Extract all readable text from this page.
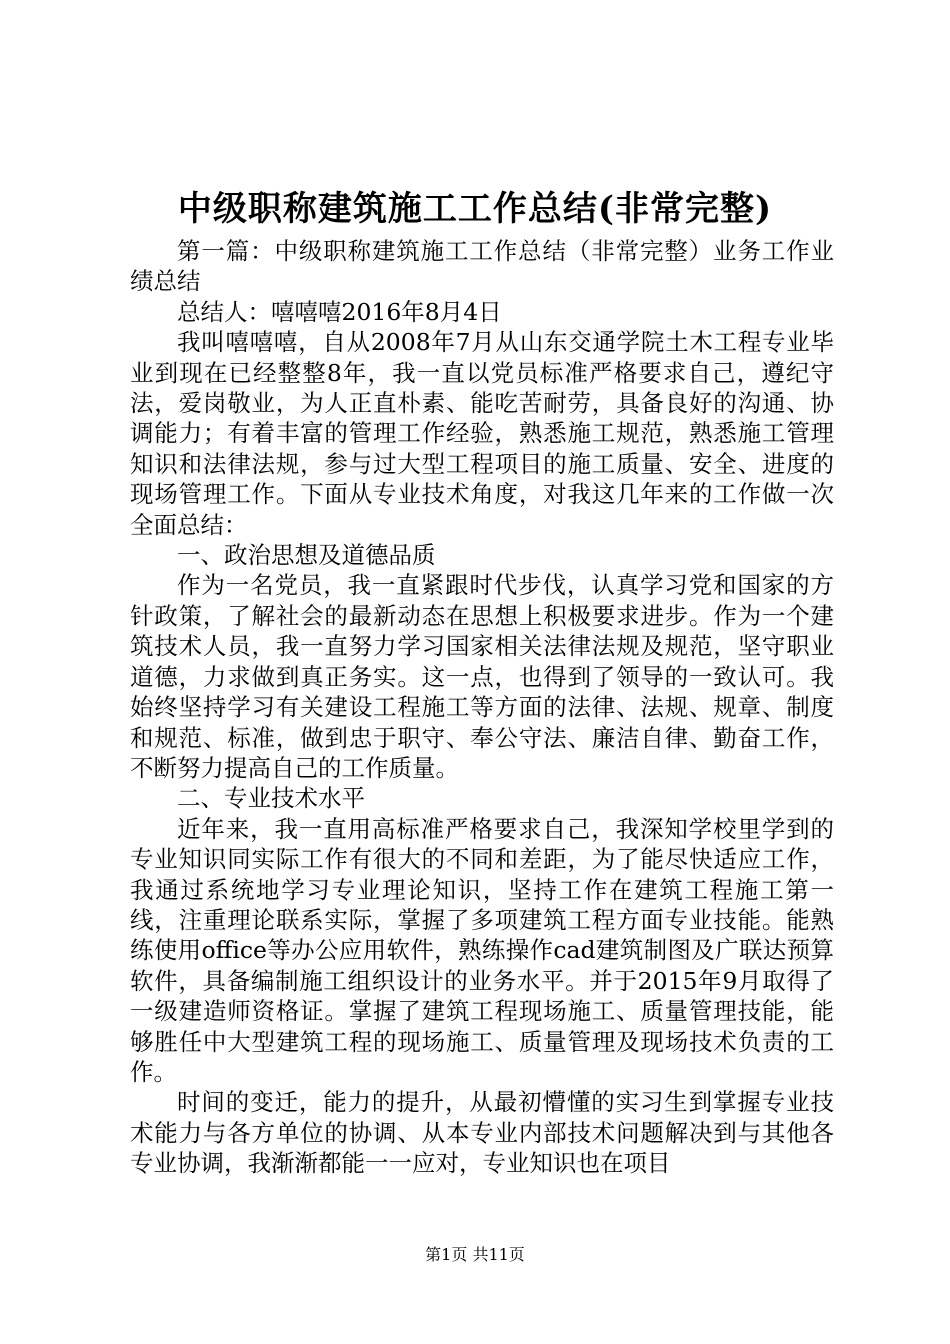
中级职称建筑施工工作总结(非常完整)

第一篇：中级职称建筑施工工作总结（非常完整）业务工作业绩总结

总结人：嘻嘻嘻2016年8月4日

我叫嘻嘻嘻，自从2008年7月从山东交通学院土木工程专业毕业到现在已经整整8年，我一直以党员标准严格要求自己，遵纪守法，爱岗敬业，为人正直朴素、能吃苦耐劳，具备良好的沟通、协调能力；有着丰富的管理工作经验，熟悉施工规范，熟悉施工管理知识和法律法规，参与过大型工程项目的施工质量、安全、进度的现场管理工作。下面从专业技术角度，对我这几年来的工作做一次全面总结：

一、政治思想及道德品质

作为一名党员，我一直紧跟时代步伐，认真学习党和国家的方针政策，了解社会的最新动态在思想上积极要求进步。作为一个建筑技术人员，我一直努力学习国家相关法律法规及规范，坚守职业道德，力求做到真正务实。这一点，也得到了领导的一致认可。我始终坚持学习有关建设工程施工等方面的法律、法规、规章、制度和规范、标准，做到忠于职守、奉公守法、廉洁自律、勤奋工作，不断努力提高自己的工作质量。

二、专业技术水平

近年来，我一直用高标准严格要求自己，我深知学校里学到的专业知识同实际工作有很大的不同和差距，为了能尽快适应工作，我通过系统地学习专业理论知识，坚持工作在建筑工程施工第一线，注重理论联系实际，掌握了多项建筑工程方面专业技能。能熟练使用office等办公应用软件，熟练操作cad建筑制图及广联达预算软件，具备编制施工组织设计的业务水平。并于2015年9月取得了一级建造师资格证。掌握了建筑工程现场施工、质量管理技能，能够胜任中大型建筑工程的现场施工、质量管理及现场技术负责的工作。

时间的变迁，能力的提升，从最初懵懂的实习生到掌握专业技术能力与各方单位的协调、从本专业内部技术问题解决到与其他各专业协调，我渐渐都能一一应对，专业知识也在项目

第1页 共11页
